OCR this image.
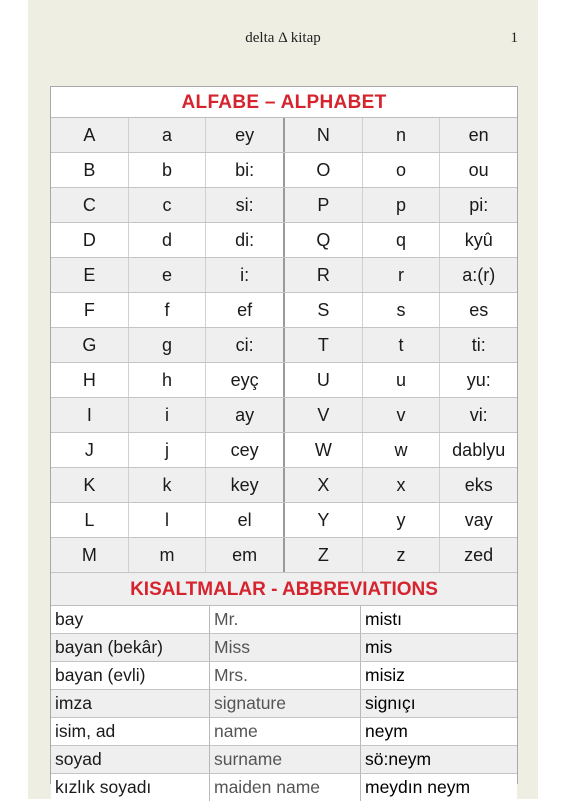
delta Δ kitap	1
ALFABE – ALPHABET
A	a	ey	N	n	en
B	b	bi:	O	o	ou
C	c	si:	P	p	pi:
D	d	di:	Q	q	kyû
E	e	i:	R	r	a:(r)
F	f	ef	S	s	es
G	g	ci:	T	t	ti:
H	h	eyç	U	u	yu:
I	i	ay	V	v	vi:
J	j	cey	W	w	dablyu
K	k	key	X	x	eks
L	l	el	Y	y	vay
M	m	em	Z	z	zed
KISALTMALAR - ABBREVIATIONS
bay	Mr.	mistı
bayan (bekâr)	Miss	mis
bayan (evli)	Mrs.	misiz
imza	signature	signıçı
isim, ad	name	neym
soyad	surname	sö:neym
kızlık soyadı	maiden name	meydın neym
